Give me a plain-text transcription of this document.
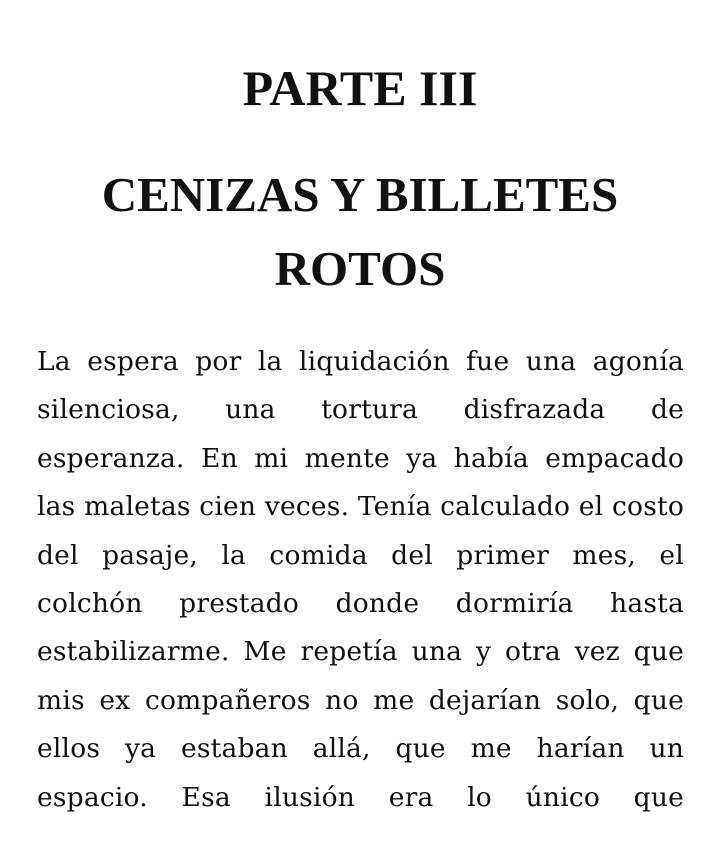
PARTE III
CENIZAS Y BILLETES ROTOS

La espera por la liquidación fue una agonía silenciosa, una tortura disfrazada de esperanza. En mi mente ya había empacado las maletas cien veces. Tenía calculado el costo del pasaje, la comida del primer mes, el colchón prestado donde dormiría hasta estabilizarme. Me repetía una y otra vez que mis ex compañeros no me dejarían solo, que ellos ya estaban allá, que me harían un espacio. Esa ilusión era lo único que
